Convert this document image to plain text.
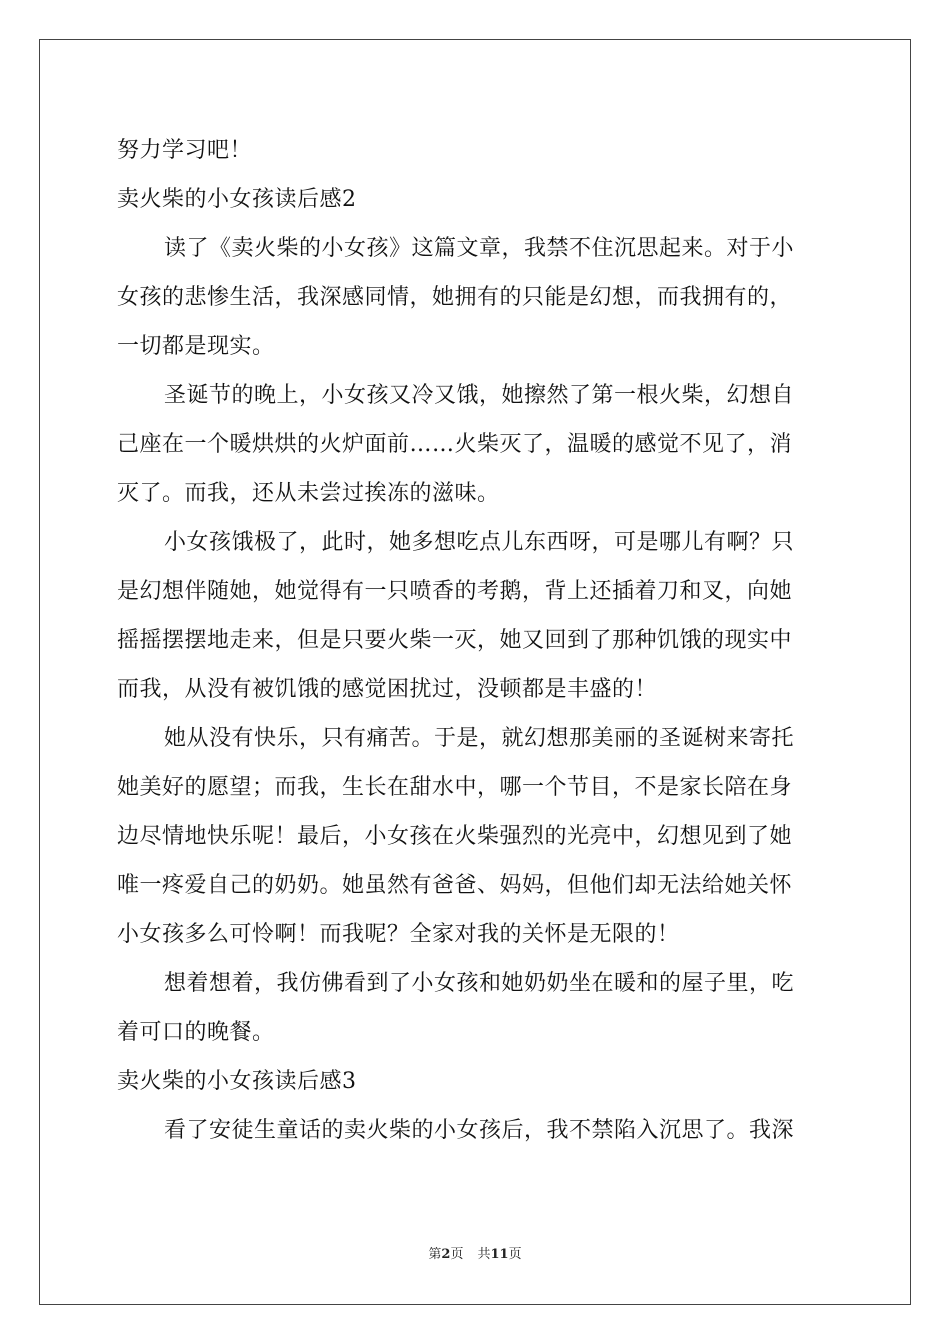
努力学习吧！
卖火柴的小女孩读后感2
读了《卖火柴的小女孩》这篇文章，我禁不住沉思起来。对于小
女孩的悲惨生活，我深感同情，她拥有的只能是幻想，而我拥有的，
一切都是现实。
圣诞节的晚上，小女孩又冷又饿，她擦然了第一根火柴，幻想自
己座在一个暖烘烘的火炉面前……火柴灭了，温暖的感觉不见了，消
灭了。而我，还从未尝过挨冻的滋味。
小女孩饿极了，此时，她多想吃点儿东西呀，可是哪儿有啊？只
是幻想伴随她，她觉得有一只喷香的考鹅，背上还插着刀和叉，向她
摇摇摆摆地走来，但是只要火柴一灭，她又回到了那种饥饿的现实中
而我，从没有被饥饿的感觉困扰过，没顿都是丰盛的！
她从没有快乐，只有痛苦。于是，就幻想那美丽的圣诞树来寄托
她美好的愿望；而我，生长在甜水中，哪一个节目，不是家长陪在身
边尽情地快乐呢！最后，小女孩在火柴强烈的光亮中，幻想见到了她
唯一疼爱自己的奶奶。她虽然有爸爸、妈妈，但他们却无法给她关怀
小女孩多么可怜啊！而我呢？全家对我的关怀是无限的！
想着想着，我仿佛看到了小女孩和她奶奶坐在暖和的屋子里，吃
着可口的晚餐。
卖火柴的小女孩读后感3
看了安徒生童话的卖火柴的小女孩后，我不禁陷入沉思了。我深
第2页 共11页
